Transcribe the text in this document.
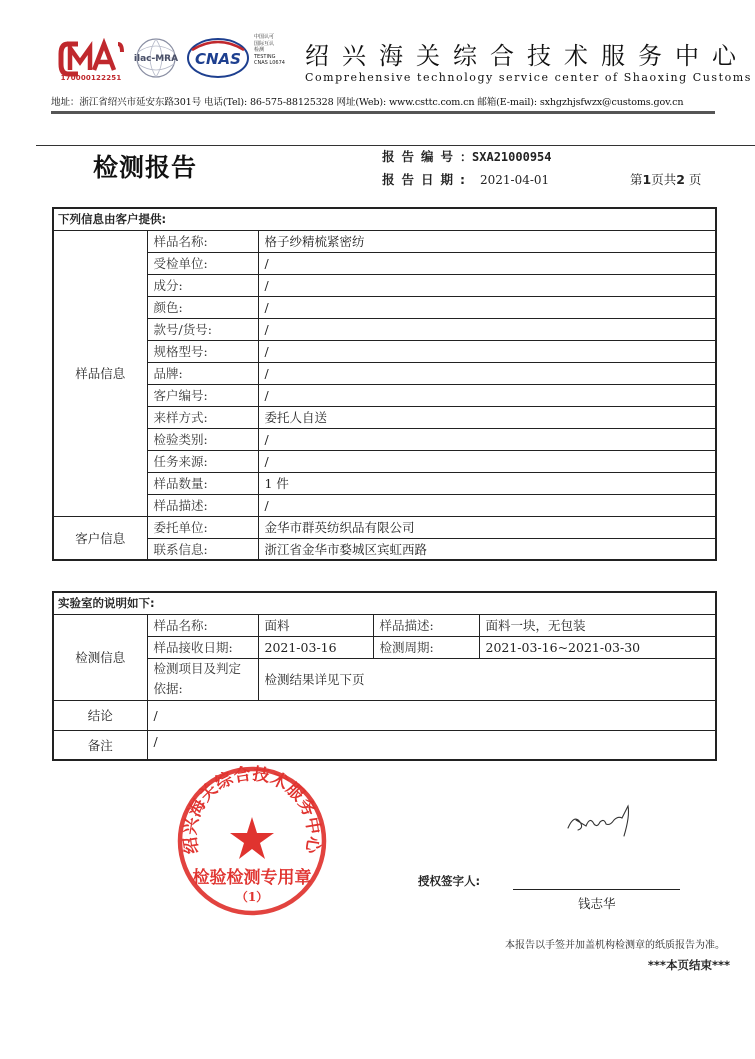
170000122251
ilac-MRA CNAS
中国认可
国际互认
检测
TESTING
CNAS L0674 绍兴海关综合技术服务中心
Comprehensive technology service center of Shaoxing Customs
地址：浙江省绍兴市延安东路301号 电话(Tel): 86-575-88125328 网址(Web): www.csttc.com.cn 邮箱(E-mail): sxhgzhjsfwzx@customs.gov.cn
检测报告	报告编号：SXA21000954
报告日期: 2021-04-01	第1页共2 页
下列信息由客户提供:		
样品信息	样品名称:	格子纱精梳紧密纺
	受检单位:	/
	成分:	/
	颜色:	/
	款号/货号:	/
	规格型号:	/
	品牌:	/
	客户编号:	/
	来样方式:	委托人自送
	检验类别:	/
	任务来源:	/
	样品数量:	1 件
	样品描述:	/
客户信息	委托单位:	金华市群英纺织品有限公司
	联系信息:	浙江省金华市婺城区宾虹西路
实验室的说明如下:				
检测信息	样品名称:	面料	样品描述:	面料一块，无包装
	样品接收日期:	2021-03-16	检测周期:	2021-03-16~2021-03-30

	检测项目及判定
依据:	检测结果详见下页		
结论	/			
备注	/			
绍兴海关综合技术服务中心
检验检测专用章
（1）
授权签字人:
钱志华
本报告以手签并加盖机构检测章的纸质报告为准。
***本页结束***
